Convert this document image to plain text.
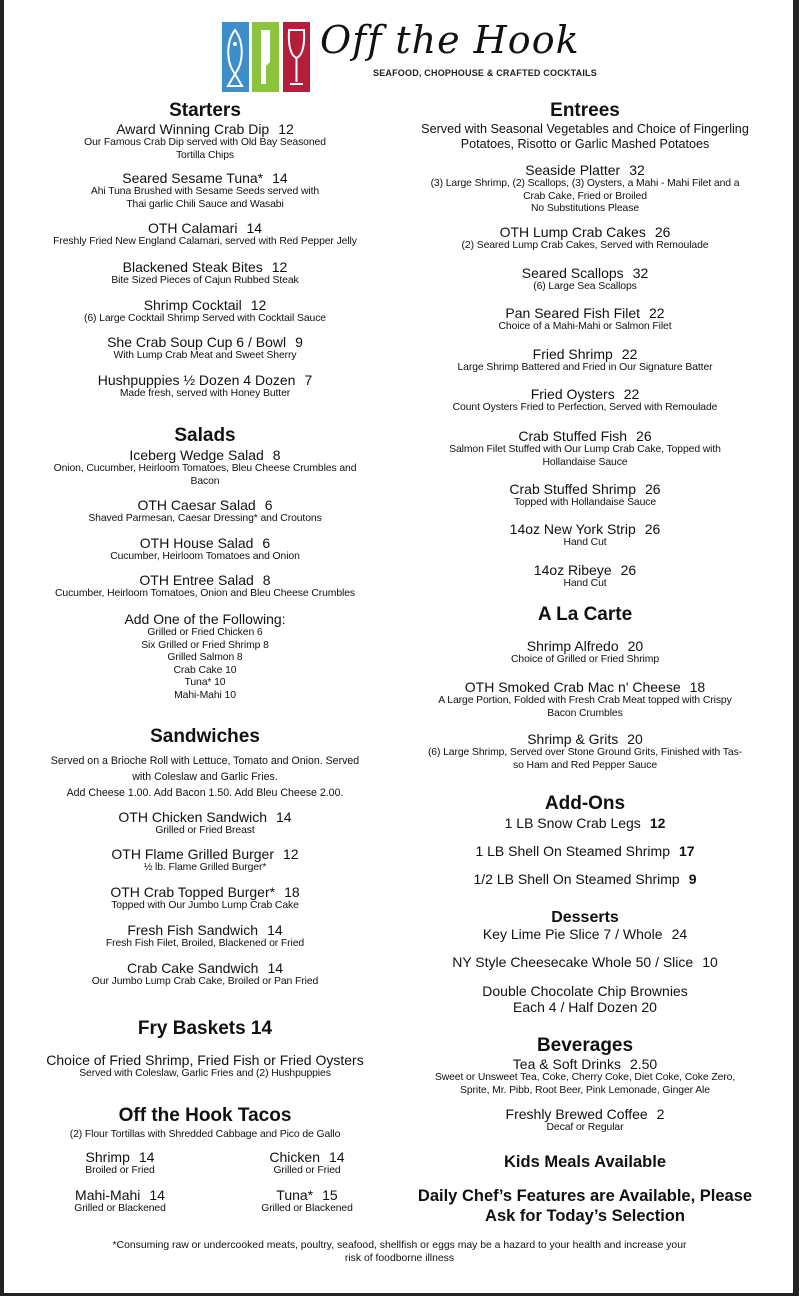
Off the Hook
SEAFOOD, CHOPHOUSE & CRAFTED COCKTAILS
Starters
Award Winning Crab Dip 12
Our Famous Crab Dip served with Old Bay Seasoned
Tortilla Chips
Seared Sesame Tuna* 14
Ahi Tuna Brushed with Sesame Seeds served with
Thai garlic Chili Sauce and Wasabi
OTH Calamari 14
Freshly Fried New England Calamari, served with Red Pepper Jelly
Blackened Steak Bites 12
Bite Sized Pieces of Cajun Rubbed Steak
Shrimp Cocktail 12
(6) Large Cocktail Shrimp Served with Cocktail Sauce
She Crab Soup Cup 6 / Bowl 9
With Lump Crab Meat and Sweet Sherry
Hushpuppies ½ Dozen 4 Dozen 7
Made fresh, served with Honey Butter
Salads
Iceberg Wedge Salad 8
Onion, Cucumber, Heirloom Tomatoes, Bleu Cheese Crumbles and
Bacon
OTH Caesar Salad 6
Shaved Parmesan, Caesar Dressing* and Croutons
OTH House Salad 6
Cucumber, Heirloom Tomatoes and Onion
OTH Entree Salad 8
Cucumber, Heirloom Tomatoes, Onion and Bleu Cheese Crumbles
Add One of the Following:
Grilled or Fried Chicken 6
Six Grilled or Fried Shrimp 8
Grilled Salmon 8
Crab Cake 10
Tuna* 10
Mahi-Mahi 10
Sandwiches
Served on a Brioche Roll with Lettuce, Tomato and Onion. Served
with Coleslaw and Garlic Fries.
Add Cheese 1.00. Add Bacon 1.50. Add Bleu Cheese 2.00.
OTH Chicken Sandwich 14
Grilled or Fried Breast
OTH Flame Grilled Burger 12
½ lb. Flame Grilled Burger*
OTH Crab Topped Burger* 18
Topped with Our Jumbo Lump Crab Cake
Fresh Fish Sandwich 14
Fresh Fish Filet, Broiled, Blackened or Fried
Crab Cake Sandwich 14
Our Jumbo Lump Crab Cake, Broiled or Pan Fried
Fry Baskets 14
Choice of Fried Shrimp, Fried Fish or Fried Oysters
Served with Coleslaw, Garlic Fries and (2) Hushpuppies
Off the Hook Tacos
(2) Flour Tortillas with Shredded Cabbage and Pico de Gallo
Shrimp 14
Broiled or Fried
Chicken 14
Grilled or Fried
Mahi-Mahi 14
Grilled or Blackened
Tuna* 15
Grilled or Blackened
Entrees
Served with Seasonal Vegetables and Choice of Fingerling
Potatoes, Risotto or Garlic Mashed Potatoes
Seaside Platter 32
(3) Large Shrimp, (2) Scallops, (3) Oysters, a Mahi - Mahi Filet and a
Crab Cake, Fried or Broiled
No Substitutions Please
OTH Lump Crab Cakes 26
(2) Seared Lump Crab Cakes, Served with Remoulade
Seared Scallops 32
(6) Large Sea Scallops
Pan Seared Fish Filet 22
Choice of a Mahi-Mahi or Salmon Filet
Fried Shrimp 22
Large Shrimp Battered and Fried in Our Signature Batter
Fried Oysters 22
Count Oysters Fried to Perfection, Served with Remoulade
Crab Stuffed Fish 26
Salmon Filet Stuffed with Our Lump Crab Cake, Topped with
Hollandaise Sauce
Crab Stuffed Shrimp 26
Topped with Hollandaise Sauce
14oz New York Strip 26
Hand Cut
14oz Ribeye 26
Hand Cut
A La Carte
Shrimp Alfredo 20
Choice of Grilled or Fried Shrimp
OTH Smoked Crab Mac n' Cheese 18
A Large Portion, Folded with Fresh Crab Meat topped with Crispy
Bacon Crumbles
Shrimp & Grits 20
(6) Large Shrimp, Served over Stone Ground Grits, Finished with Tas-
so Ham and Red Pepper Sauce
Add-Ons
1 LB Snow Crab Legs 12
1 LB Shell On Steamed Shrimp 17
1/2 LB Shell On Steamed Shrimp 9
Desserts
Key Lime Pie Slice 7 / Whole 24
NY Style Cheesecake Whole 50 / Slice 10
Double Chocolate Chip Brownies
Each 4 / Half Dozen 20
Beverages
Tea & Soft Drinks 2.50
Sweet or Unsweet Tea, Coke, Cherry Coke, Diet Coke, Coke Zero,
Sprite, Mr. Pibb, Root Beer, Pink Lemonade, Ginger Ale
Freshly Brewed Coffee 2
Decaf or Regular
Kids Meals Available
Daily Chef’s Features are Available, Please
Ask for Today’s Selection
*Consuming raw or undercooked meats, poultry, seafood, shellfish or eggs may be a hazard to your health and increase your
risk of foodborne illness
